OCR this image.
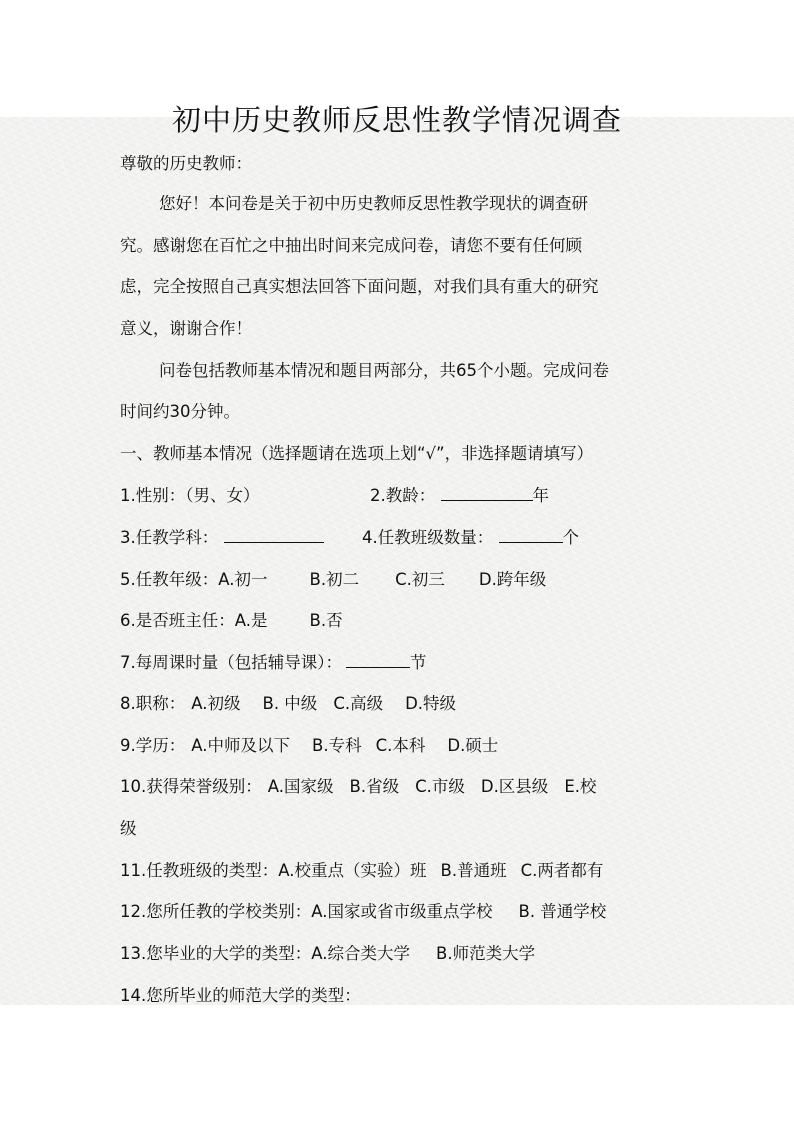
初中历史教师反思性教学情况调查
尊敬的历史教师：
您好！本问卷是关于初中历史教师反思性教学现状的调查研
究。感谢您在百忙之中抽出时间来完成问卷，请您不要有任何顾
虑，完全按照自己真实想法回答下面问题，对我们具有重大的研究
意义，谢谢合作！
问卷包括教师基本情况和题目两部分，共65个小题。完成问卷
时间约30分钟。
一、教师基本情况（选择题请在选项上划“√”，非选择题请填写）
1.性别：（男、女）	2.教龄：	年
3.任教学科：	4.任教班级数量：	个
5.任教年级：A.初一	B.初二 C.初三 D.跨年级
6.是否班主任：A.是	B.否
7.每周课时量（包括辅导课）：	节
8.职称： A.初级 B. 中级 C.高级 D.特级
9.学历： A.中师及以下 B.专科 C.本科 D.硕士
10.获得荣誉级别： A.国家级 B.省级 C.市级 D.区县级 E.校
级
11.任教班级的类型：A.校重点（实验）班 B.普通班 C.两者都有
12.您所任教的学校类别：A.国家或省市级重点学校 B. 普通学校
13.您毕业的大学的类型：A.综合类大学 B.师范类大学
14.您所毕业的师范大学的类型：
